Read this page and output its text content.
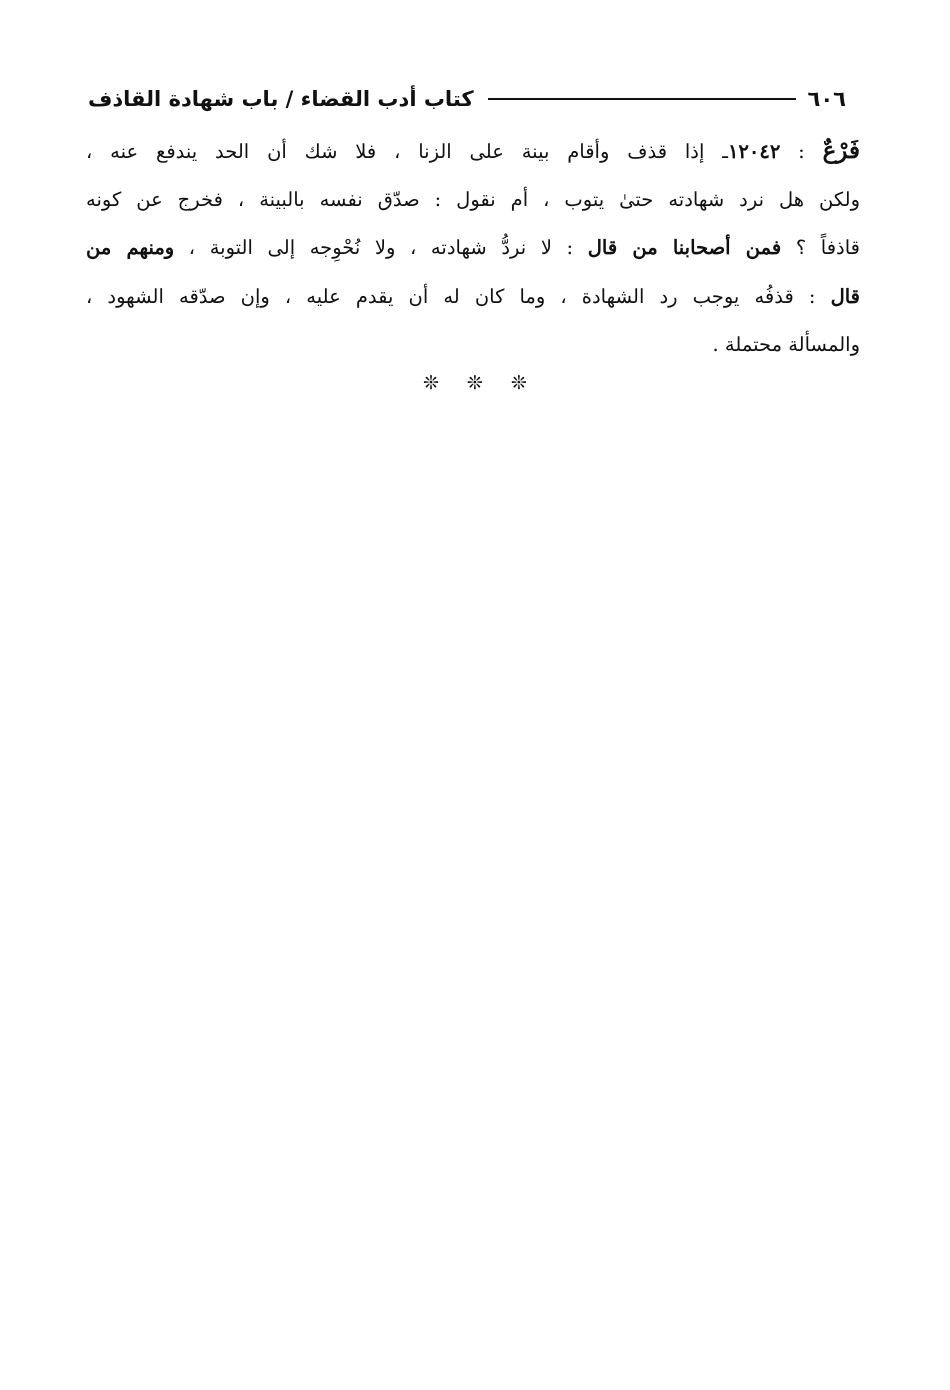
٦٠٦
كتاب أدب القضاء / باب شهادة القاذف
فَرْعٌ : ١٢٠٤٢ـ إذا قذف وأقام بينة على الزنا ، فلا شك أن الحد يندفع عنه ،
ولكن هل نرد شهادته حتىٰ يتوب ، أم نقول : صدّق نفسه بالبينة ، فخرج عن كونه
قاذفاً ؟ فمن أصحابنا من قال : لا نردُّ شهادته ، ولا نُحْوِجه إلى التوبة ، ومنهم من
قال : قذفُه يوجب رد الشهادة ، وما كان له أن يقدم عليه ، وإن صدّقه الشهود ،
والمسألة محتملة .
❊❊❊
